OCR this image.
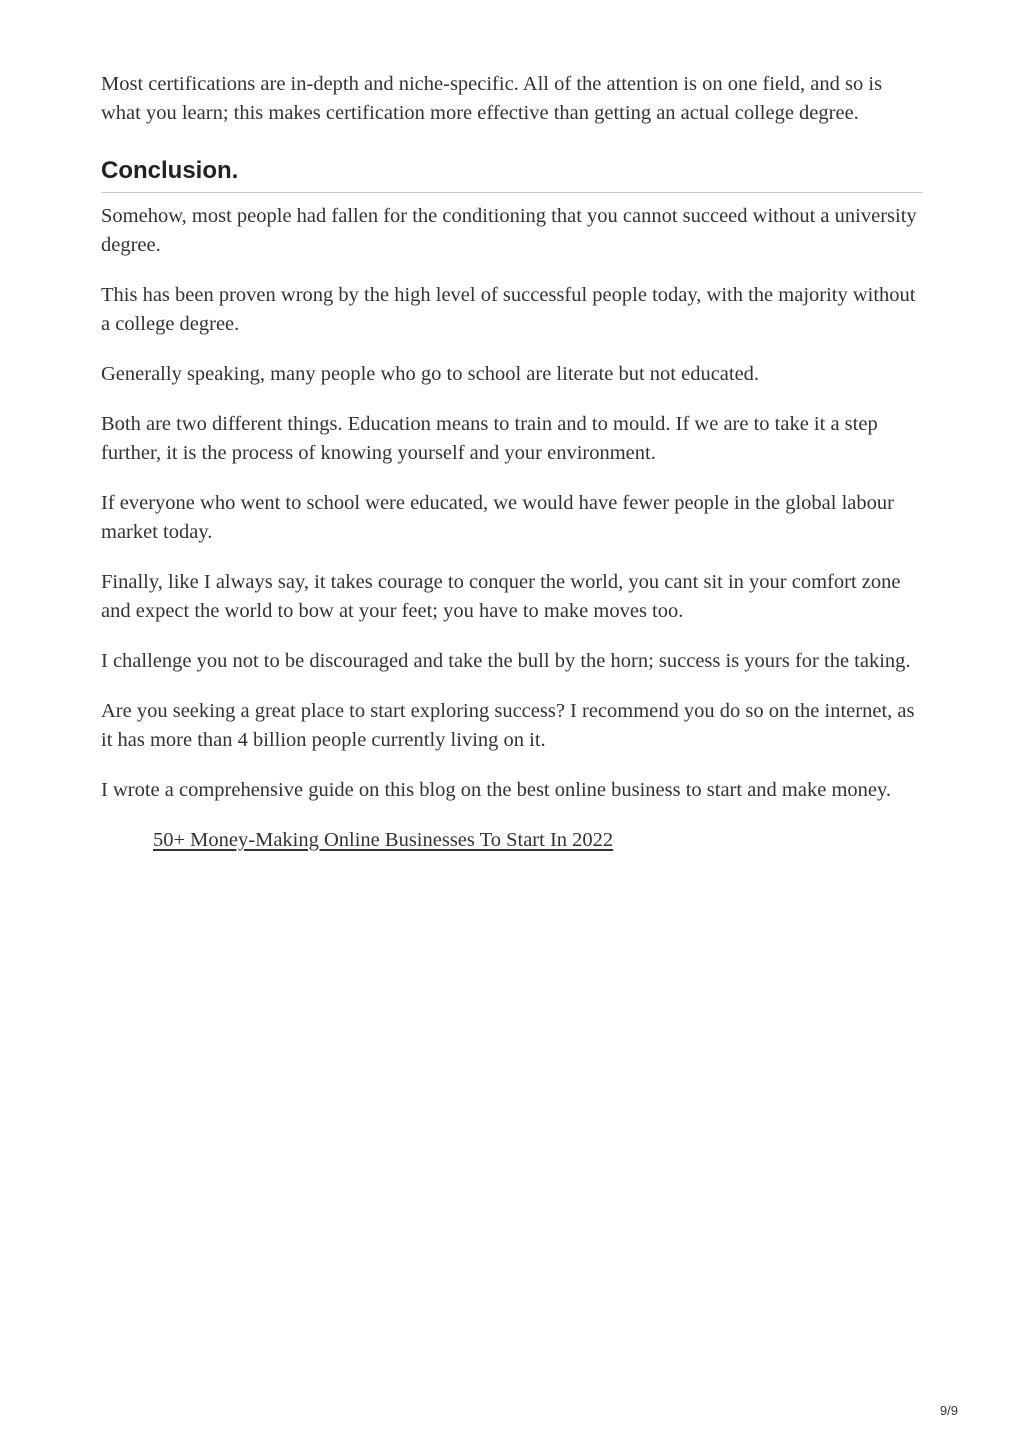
Most certifications are in-depth and niche-specific. All of the attention is on one field, and so is what you learn; this makes certification more effective than getting an actual college degree.

Conclusion.

Somehow, most people had fallen for the conditioning that you cannot succeed without a university degree.

This has been proven wrong by the high level of successful people today, with the majority without a college degree.

Generally speaking, many people who go to school are literate but not educated.

Both are two different things. Education means to train and to mould. If we are to take it a step further, it is the process of knowing yourself and your environment.

If everyone who went to school were educated, we would have fewer people in the global labour market today.

Finally, like I always say, it takes courage to conquer the world, you cant sit in your comfort zone and expect the world to bow at your feet; you have to make moves too.

I challenge you not to be discouraged and take the bull by the horn; success is yours for the taking.

Are you seeking a great place to start exploring success? I recommend you do so on the internet, as it has more than 4 billion people currently living on it.

I wrote a comprehensive guide on this blog on the best online business to start and make money.

50+ Money-Making Online Businesses To Start In 2022
9/9
